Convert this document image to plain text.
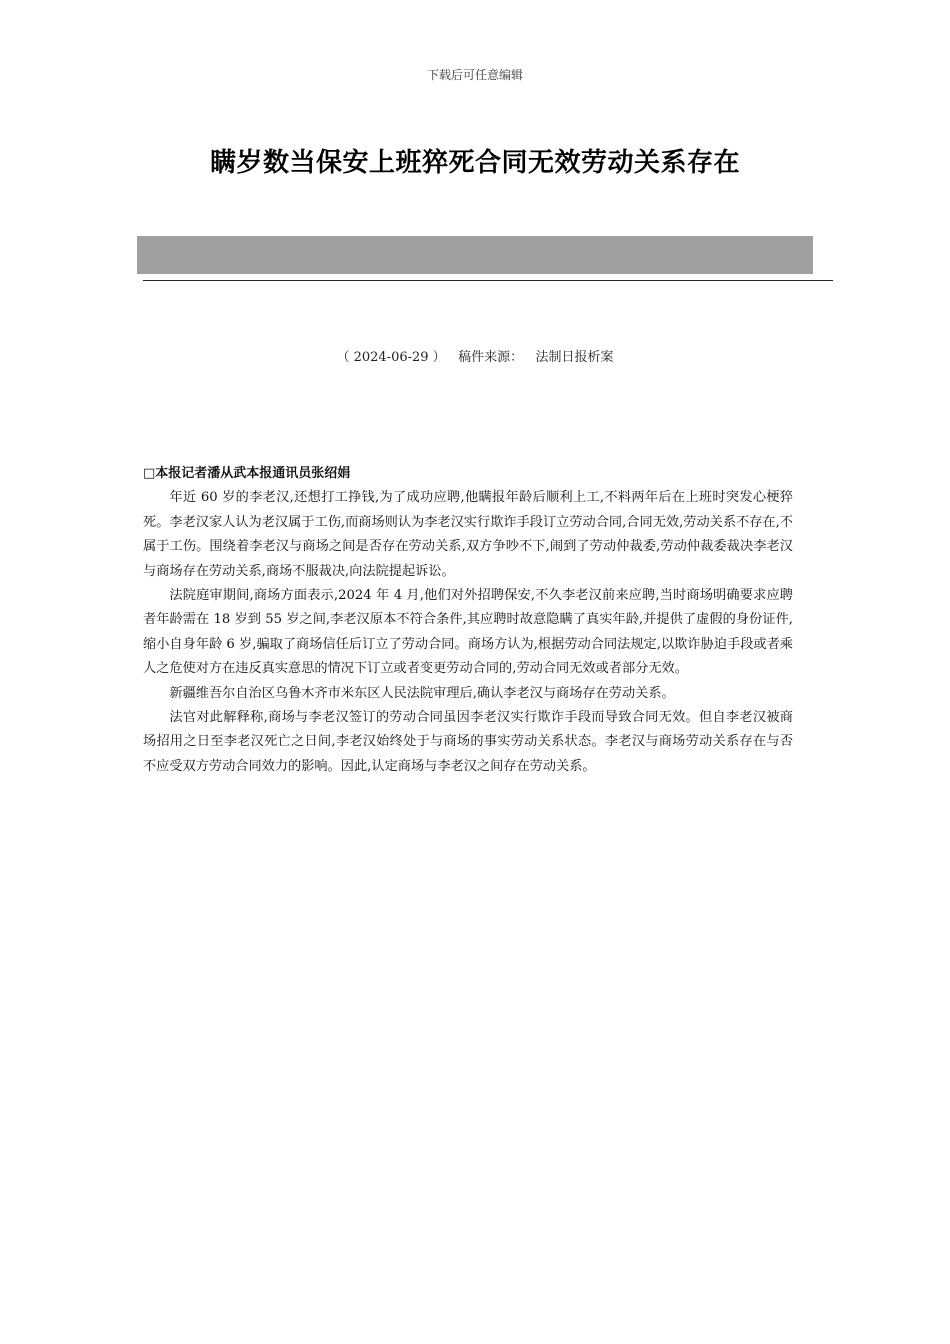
下载后可任意编辑
瞒岁数当保安上班猝死合同无效劳动关系存在
（ 2024-06-29 ） 稿件来源： 法制日报析案

□本报记者潘从武本报通讯员张绍娟

年近 60 岁的李老汉,还想打工挣钱,为了成功应聘,他瞒报年龄后顺利上工,不料两年后在上班时突发心梗猝死。李老汉家人认为老汉属于工伤,而商场则认为李老汉实行欺诈手段订立劳动合同,合同无效,劳动关系不存在,不属于工伤。围绕着李老汉与商场之间是否存在劳动关系,双方争吵不下,闹到了劳动仲裁委,劳动仲裁委裁决李老汉与商场存在劳动关系,商场不服裁决,向法院提起诉讼。

法院庭审期间,商场方面表示,2024 年 4 月,他们对外招聘保安,不久李老汉前来应聘,当时商场明确要求应聘者年龄需在 18 岁到 55 岁之间,李老汉原本不符合条件,其应聘时故意隐瞒了真实年龄,并提供了虚假的身份证件,缩小自身年龄 6 岁,骗取了商场信任后订立了劳动合同。商场方认为,根据劳动合同法规定,以欺诈胁迫手段或者乘人之危使对方在违反真实意思的情况下订立或者变更劳动合同的,劳动合同无效或者部分无效。

新疆维吾尔自治区乌鲁木齐市米东区人民法院审理后,确认李老汉与商场存在劳动关系。

法官对此解释称,商场与李老汉签订的劳动合同虽因李老汉实行欺诈手段而导致合同无效。但自李老汉被商场招用之日至李老汉死亡之日间,李老汉始终处于与商场的事实劳动关系状态。李老汉与商场劳动关系存在与否不应受双方劳动合同效力的影响。因此,认定商场与李老汉之间存在劳动关系。
